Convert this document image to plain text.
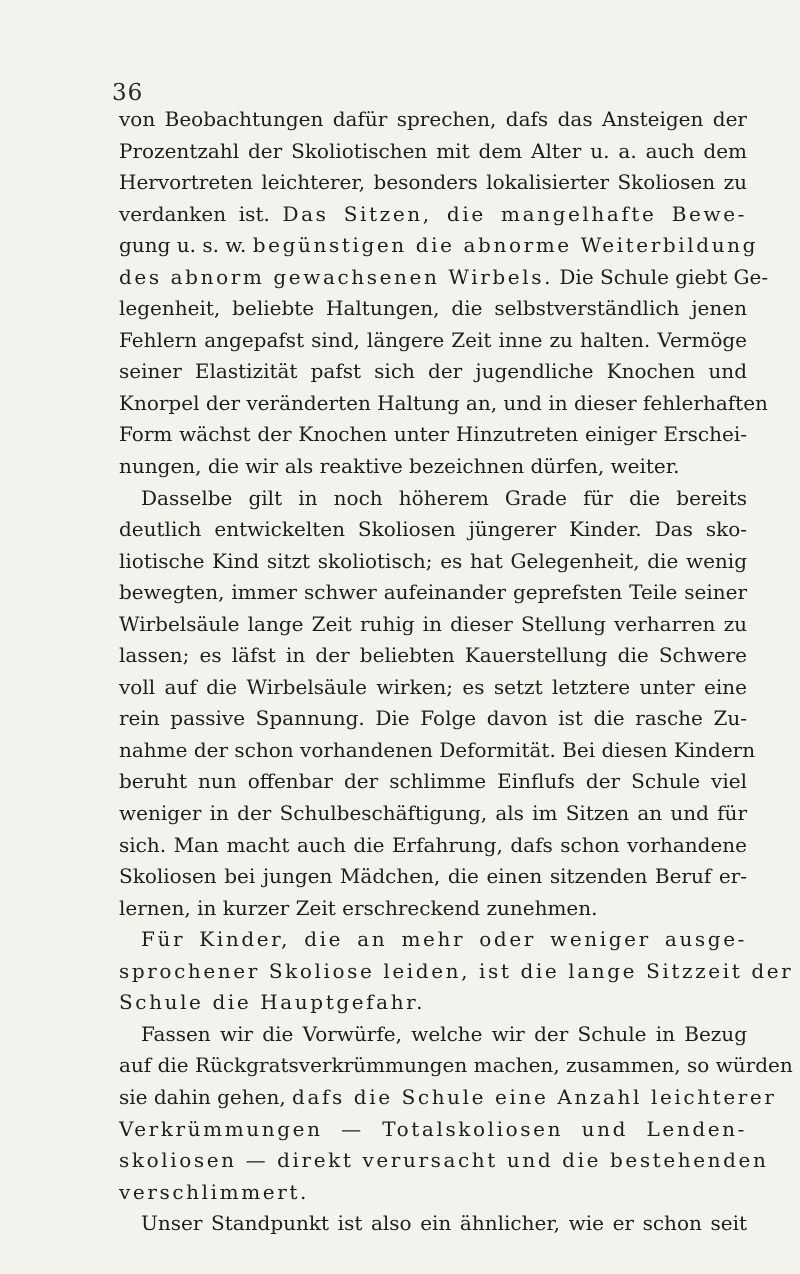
36
von Beobachtungen dafür sprechen, dafs das Ansteigen der
Prozentzahl der Skoliotischen mit dem Alter u. a. auch dem
Hervortreten leichterer, besonders lokalisierter Skoliosen zu
verdanken ist. Das Sitzen, die mangelhafte Bewe-
gung u. s. w. begünstigen die abnorme Weiterbildung
des abnorm gewachsenen Wirbels. Die Schule giebt Ge-
legenheit, beliebte Haltungen, die selbstverständlich jenen
Fehlern angepafst sind, längere Zeit inne zu halten. Vermöge
seiner Elastizität pafst sich der jugendliche Knochen und
Knorpel der veränderten Haltung an, und in dieser fehlerhaften
Form wächst der Knochen unter Hinzutreten einiger Erschei-
nungen, die wir als reaktive bezeichnen dürfen, weiter.
Dasselbe gilt in noch höherem Grade für die bereits
deutlich entwickelten Skoliosen jüngerer Kinder. Das sko-
liotische Kind sitzt skoliotisch; es hat Gelegenheit, die wenig
bewegten, immer schwer aufeinander geprefsten Teile seiner
Wirbelsäule lange Zeit ruhig in dieser Stellung verharren zu
lassen; es läfst in der beliebten Kauerstellung die Schwere
voll auf die Wirbelsäule wirken; es setzt letztere unter eine
rein passive Spannung. Die Folge davon ist die rasche Zu-
nahme der schon vorhandenen Deformität. Bei diesen Kindern
beruht nun offenbar der schlimme Einflufs der Schule viel
weniger in der Schulbeschäftigung, als im Sitzen an und für
sich. Man macht auch die Erfahrung, dafs schon vorhandene
Skoliosen bei jungen Mädchen, die einen sitzenden Beruf er-
lernen, in kurzer Zeit erschreckend zunehmen.
Für Kinder, die an mehr oder weniger ausge-
sprochener Skoliose leiden, ist die lange Sitzzeit der
Schule die Hauptgefahr.
Fassen wir die Vorwürfe, welche wir der Schule in Bezug
auf die Rückgratsverkrümmungen machen, zusammen, so würden
sie dahin gehen, dafs die Schule eine Anzahl leichterer
Verkrümmungen — Totalskoliosen und Lenden-
skoliosen — direkt verursacht und die bestehenden
verschlimmert.
Unser Standpunkt ist also ein ähnlicher, wie er schon seit
